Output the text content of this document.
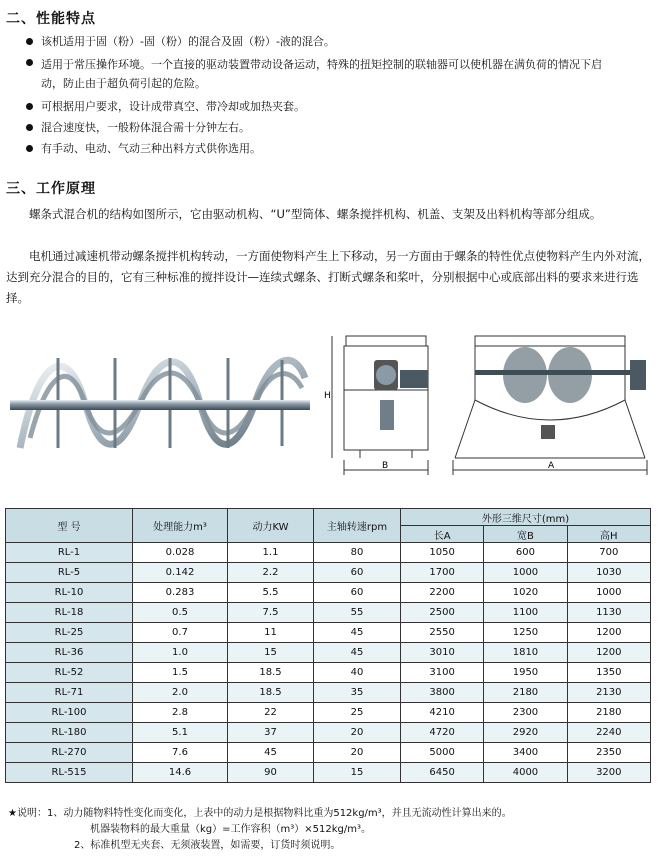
二、性能特点
该机适用于固（粉）-固（粉）的混合及固（粉）-液的混合。
适用于常压操作环境。一个直接的驱动装置带动设备运动，特殊的扭矩控制的联轴器可以使机器在满负荷的情况下启动，防止由于超负荷引起的危险。
可根据用户要求，设计成带真空、带冷却或加热夹套。
混合速度快，一般粉体混合需十分钟左右。
有手动、电动、气动三种出料方式供你选用。
三、工作原理
螺条式混合机的结构如图所示，它由驱动机构、“U”型筒体、螺条搅拌机构、机盖、支架及出料机构等部分组成。
电机通过减速机带动螺条搅拌机构转动，一方面使物料产生上下移动，另一方面由于螺条的特性优点使物料产生内外对流，达到充分混合的目的，它有三种标准的搅拌设计—连续式螺条、打断式螺条和桨叶，分别根据中心或底部出料的要求来进行选择。
H
B	A
型 号	处理能力m³	动力KW	主轴转速rpm	外形三维尺寸(mm)		
				长A	宽B	高H
RL-1	0.028	1.1	80	1050	600	700
RL-5	0.142	2.2	60	1700	1000	1030
RL-10	0.283	5.5	60	2200	1020	1000
RL-18	0.5	7.5	55	2500	1100	1130
RL-25	0.7	11	45	2550	1250	1200
RL-36	1.0	15	45	3010	1810	1200
RL-52	1.5	18.5	40	3100	1950	1350
RL-71	2.0	18.5	35	3800	2180	2130
RL-100	2.8	22	25	4210	2300	2180
RL-180	5.1	37	20	4720	2920	2240
RL-270	7.6	45	20	5000	3400	2350
RL-515	14.6	90	15	6450	4000	3200
★说明：1、动力随物料特性变化而变化，上表中的动力是根据物料比重为512kg/m³，并且无流动性计算出来的。
机器装物料的最大重量（kg）=工作容积（m³）×512kg/m³。
2、标准机型无夹套、无须液装置，如需要，订货时须说明。
